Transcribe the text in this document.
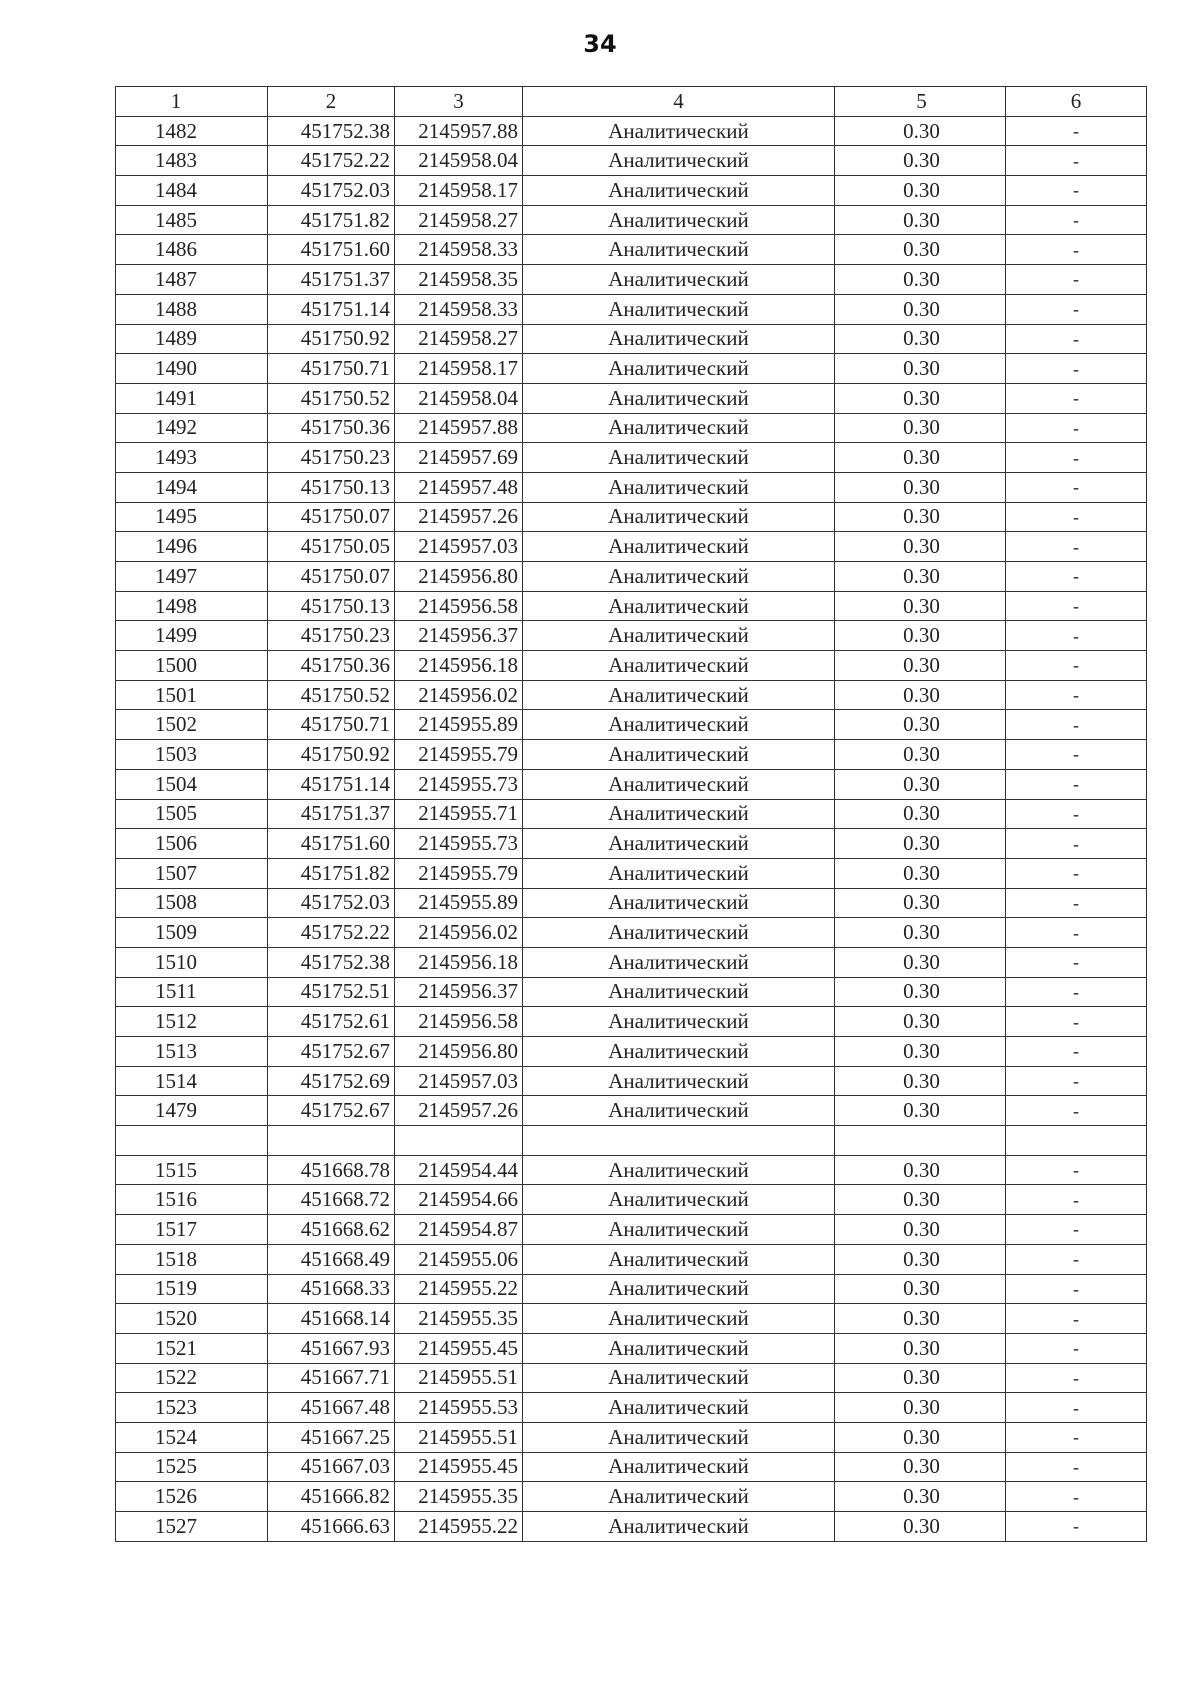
34
1	2	3	4	5	6
1482	451752.38	2145957.88	Аналитический	0.30	-
1483	451752.22	2145958.04	Аналитический	0.30	-
1484	451752.03	2145958.17	Аналитический	0.30	-
1485	451751.82	2145958.27	Аналитический	0.30	-
1486	451751.60	2145958.33	Аналитический	0.30	-
1487	451751.37	2145958.35	Аналитический	0.30	-
1488	451751.14	2145958.33	Аналитический	0.30	-
1489	451750.92	2145958.27	Аналитический	0.30	-
1490	451750.71	2145958.17	Аналитический	0.30	-
1491	451750.52	2145958.04	Аналитический	0.30	-
1492	451750.36	2145957.88	Аналитический	0.30	-
1493	451750.23	2145957.69	Аналитический	0.30	-
1494	451750.13	2145957.48	Аналитический	0.30	-
1495	451750.07	2145957.26	Аналитический	0.30	-
1496	451750.05	2145957.03	Аналитический	0.30	-
1497	451750.07	2145956.80	Аналитический	0.30	-
1498	451750.13	2145956.58	Аналитический	0.30	-
1499	451750.23	2145956.37	Аналитический	0.30	-
1500	451750.36	2145956.18	Аналитический	0.30	-
1501	451750.52	2145956.02	Аналитический	0.30	-
1502	451750.71	2145955.89	Аналитический	0.30	-
1503	451750.92	2145955.79	Аналитический	0.30	-
1504	451751.14	2145955.73	Аналитический	0.30	-
1505	451751.37	2145955.71	Аналитический	0.30	-
1506	451751.60	2145955.73	Аналитический	0.30	-
1507	451751.82	2145955.79	Аналитический	0.30	-
1508	451752.03	2145955.89	Аналитический	0.30	-
1509	451752.22	2145956.02	Аналитический	0.30	-
1510	451752.38	2145956.18	Аналитический	0.30	-
1511	451752.51	2145956.37	Аналитический	0.30	-
1512	451752.61	2145956.58	Аналитический	0.30	-
1513	451752.67	2145956.80	Аналитический	0.30	-
1514	451752.69	2145957.03	Аналитический	0.30	-
1479	451752.67	2145957.26	Аналитический	0.30	-

1515	451668.78	2145954.44	Аналитический	0.30	-
1516	451668.72	2145954.66	Аналитический	0.30	-
1517	451668.62	2145954.87	Аналитический	0.30	-
1518	451668.49	2145955.06	Аналитический	0.30	-
1519	451668.33	2145955.22	Аналитический	0.30	-
1520	451668.14	2145955.35	Аналитический	0.30	-
1521	451667.93	2145955.45	Аналитический	0.30	-
1522	451667.71	2145955.51	Аналитический	0.30	-
1523	451667.48	2145955.53	Аналитический	0.30	-
1524	451667.25	2145955.51	Аналитический	0.30	-
1525	451667.03	2145955.45	Аналитический	0.30	-
1526	451666.82	2145955.35	Аналитический	0.30	-
1527	451666.63	2145955.22	Аналитический	0.30	-
